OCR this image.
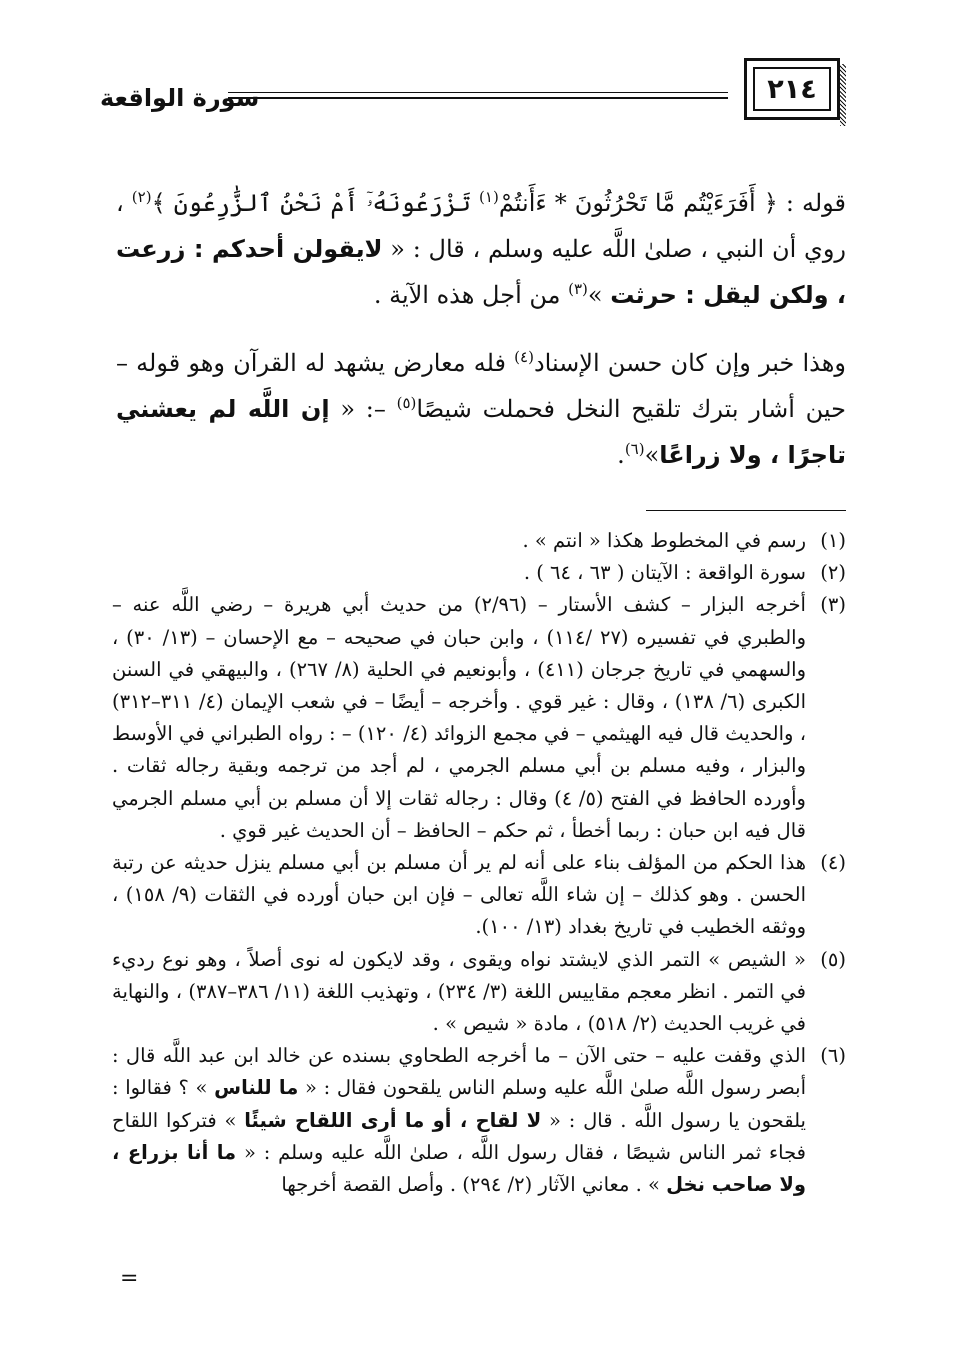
٢١٤
سورة الواقعة

قوله : ﴿ أَفَرَءَيْتُم مَّا تَحْرُثُونَ * ءَأَنتُمْ$^{(١)}$ تَزْرَعُونَهُۥٓ أَمْ نَحْنُ ٱلزَّٰرِعُونَ ﴾$^{(٢)}$ ، روي أن النبي ، صلىٰ اللَّه عليه وسلم ، قال : « لايقولن أحدكم : زرعت ، ولكن ليقل : حرثت »$^{(٣)}$ من أجل هذه الآية .

وهذا خبر وإن كان حسن الإسناد$^{(٤)}$ فله معارض يشهد له القرآن وهو قوله – حين أشار بترك تلقيح النخل فحملت شيصًا$^{(٥)}$ –: « إن اللَّه لم يعشني تاجرًا ، ولا زراعًا»$^{(٦)}$.

(١)
رسم في المخطوط هكذا « انتم » .
(٢)
سورة الواقعة : الآيتان ( ٦٣ ، ٦٤ ) .
(٣)
أخرجه البزار – كشف الأستار – (٢/٩٦) من حديث أبي هريرة – رضي اللَّه عنه – والطبري في تفسيره (٢٧ /١١٤) ، وابن حبان في صحيحه – مع الإحسان – (١٣/ ٣٠) ، والسهمي في تاريخ جرجان (٤١١) ، وأبونعيم في الحلية (٨/ ٢٦٧) ، والبيهقي في السنن الكبرى (٦/ ١٣٨) ، وقال : غير قوي . وأخرجه – أيضًا – في شعب الإيمان (٤/ ٣١١–٣١٢) ، والحديث قال فيه الهيثمي – في مجمع الزوائد (٤/ ١٢٠) – : رواه الطبراني في الأوسط والبزار ، وفيه مسلم بن أبي مسلم الجرمي ، لم أجد من ترجمه وبقية رجاله ثقات . وأورده الحافظ في الفتح (٥/ ٤) وقال : رجاله ثقات إلا أن مسلم بن أبي مسلم الجرمي قال فيه ابن حبان : ربما أخطأ ، ثم حكم – الحافظ – أن الحديث غير قوي .
(٤)
هذا الحكم من المؤلف بناء على أنه لم ير أن مسلم بن أبي مسلم ينزل حديثه عن رتبة الحسن . وهو كذلك – إن شاء اللَّه تعالى – فإن ابن حبان أورده في الثقات (٩/ ١٥٨) ، ووثقه الخطيب في تاريخ بغداد (١٣/ ١٠٠).
(٥)
« الشيص » التمر الذي لايشتد نواه ويقوى ، وقد لايكون له نوى أصلاً ، وهو نوع رديء في التمر . انظر معجم مقاييس اللغة (٣/ ٢٣٤) ، وتهذيب اللغة (١١/ ٣٨٦–٣٨٧) ، والنهاية في غريب الحديث (٢/ ٥١٨) ، مادة « شيص » .
(٦)
الذي وقفت عليه – حتى الآن – ما أخرجه الطحاوي بسنده عن خالد ابن عبد اللَّه قال : أبصر رسول اللَّه صلىٰ اللَّه عليه وسلم الناس يلقحون فقال : « ما للناس » ؟ فقالوا : يلقحون يا رسول اللَّه . قال : « لا لقاح ، أو ما أرى اللقاح شيئًا » فتركوا اللقاح فجاء ثمر الناس شيصًا ، فقال رسول اللَّه ، صلىٰ اللَّه عليه وسلم : « ما أنا بزراع ، ولا صاحب نخل » . معاني الآثار (٢/ ٢٩٤) . وأصل القصة أخرجها
=
